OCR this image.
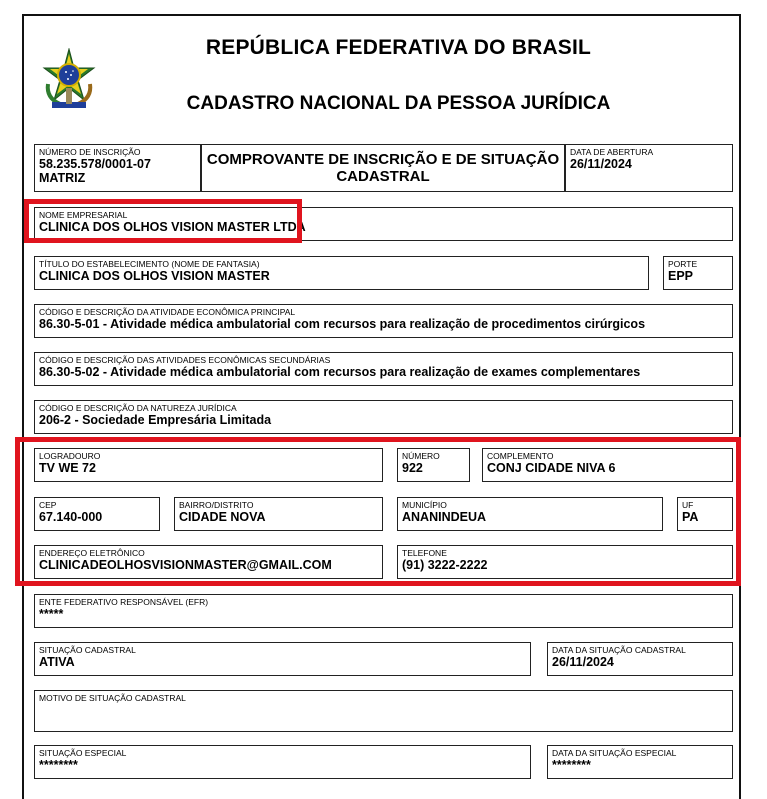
REPÚBLICA FEDERATIVA DO BRASIL
CADASTRO NACIONAL DA PESSOA JURÍDICA
NÚMERO DE INSCRIÇÃO
58.235.578/0001-07
MATRIZ
COMPROVANTE DE INSCRIÇÃO E DE SITUAÇÃO CADASTRAL
DATA DE ABERTURA
26/11/2024
NOME EMPRESARIAL
CLINICA DOS OLHOS VISION MASTER LTDA
TÍTULO DO ESTABELECIMENTO (NOME DE FANTASIA)
CLINICA DOS OLHOS VISION MASTER
PORTE
EPP
CÓDIGO E DESCRIÇÃO DA ATIVIDADE ECONÔMICA PRINCIPAL
86.30-5-01 - Atividade médica ambulatorial com recursos para realização de procedimentos cirúrgicos
CÓDIGO E DESCRIÇÃO DAS ATIVIDADES ECONÔMICAS SECUNDÁRIAS
86.30-5-02 - Atividade médica ambulatorial com recursos para realização de exames complementares
CÓDIGO E DESCRIÇÃO DA NATUREZA JURÍDICA
206-2 - Sociedade Empresária Limitada
LOGRADOURO
TV WE 72
NÚMERO
922
COMPLEMENTO
CONJ CIDADE NIVA 6
CEP
67.140-000
BAIRRO/DISTRITO
CIDADE NOVA
MUNICÍPIO
ANANINDEUA
UF
PA
ENDEREÇO ELETRÔNICO
CLINICADEOLHOSVISIONMASTER@GMAIL.COM
TELEFONE
(91) 3222-2222
ENTE FEDERATIVO RESPONSÁVEL (EFR)
*****
SITUAÇÃO CADASTRAL
ATIVA
DATA DA SITUAÇÃO CADASTRAL
26/11/2024
MOTIVO DE SITUAÇÃO CADASTRAL
SITUAÇÃO ESPECIAL
********
DATA DA SITUAÇÃO ESPECIAL
********
